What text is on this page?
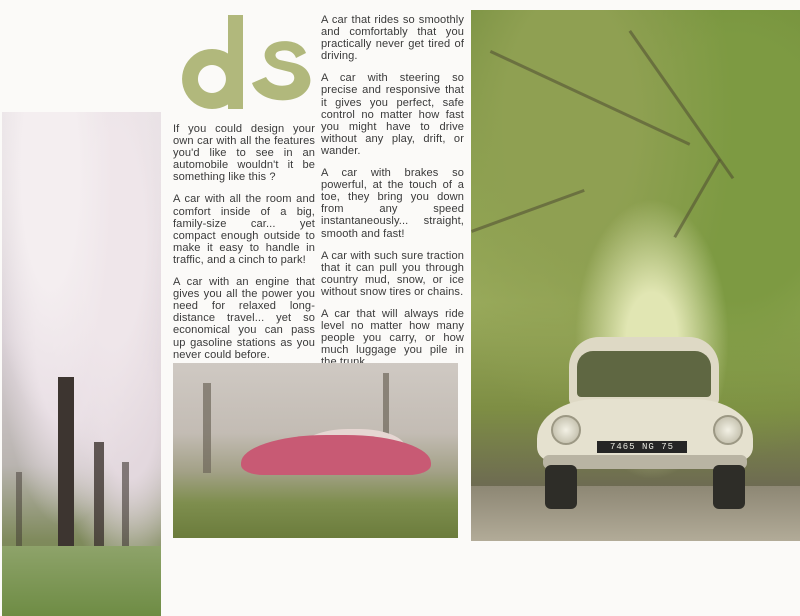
If you could design your own car with all the features you'd like to see in an automobile wouldn't it be something like this ?

A car with all the room and comfort inside of a big, family-size car... yet compact enough outside to make it easy to handle in traffic, and a cinch to park!

A car with an engine that gives you all the power you need for relaxed long-distance travel... yet so economical you can pass up gasoline stations as you never could before.

A car that rides so smoothly and comfortably that you practically never get tired of driving.

A car with steering so precise and responsive that it gives you perfect, safe control no matter how fast you might have to drive without any play, drift, or wander.

A car with brakes so powerful, at the touch of a toe, they bring you down from any speed instantaneously... straight, smooth and fast!

A car with such sure traction that it can pull you through country mud, snow, or ice without snow tires or chains.

A car that will always ride level no matter how many people you carry, or how much luggage you pile in

7465 NG 75
